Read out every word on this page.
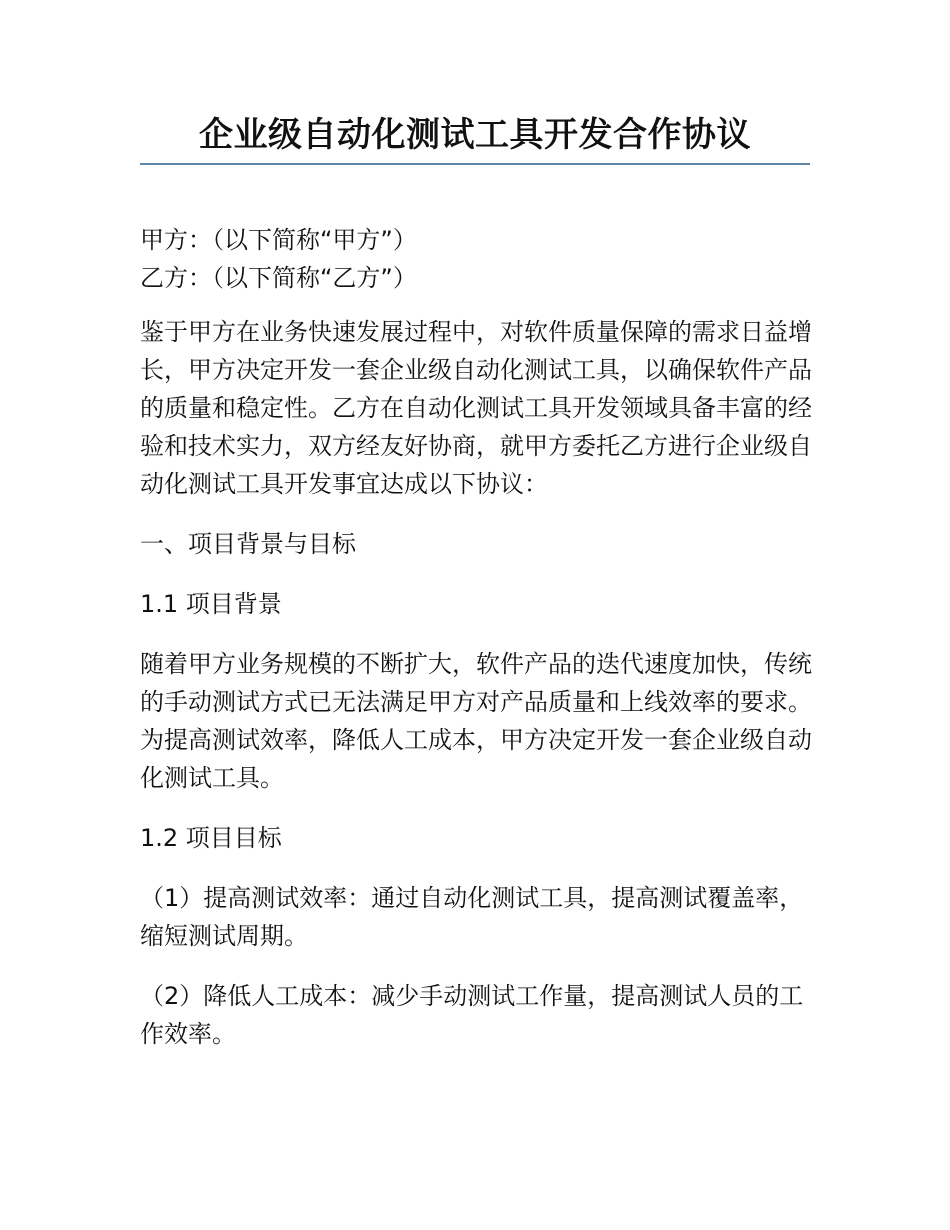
企业级自动化测试工具开发合作协议

甲方：（以下简称“甲方”）

乙方：（以下简称“乙方”）

鉴于甲方在业务快速发展过程中，对软件质量保障的需求日益增长，甲方决定开发一套企业级自动化测试工具，以确保软件产品的质量和稳定性。乙方在自动化测试工具开发领域具备丰富的经验和技术实力，双方经友好协商，就甲方委托乙方进行企业级自动化测试工具开发事宜达成以下协议：

一、项目背景与目标

1.1 项目背景

随着甲方业务规模的不断扩大，软件产品的迭代速度加快，传统的手动测试方式已无法满足甲方对产品质量和上线效率的要求。为提高测试效率，降低人工成本，甲方决定开发一套企业级自动化测试工具。

1.2 项目目标

（1）提高测试效率：通过自动化测试工具，提高测试覆盖率，缩短测试周期。

（2）降低人工成本：减少手动测试工作量，提高测试人员的工作效率。
